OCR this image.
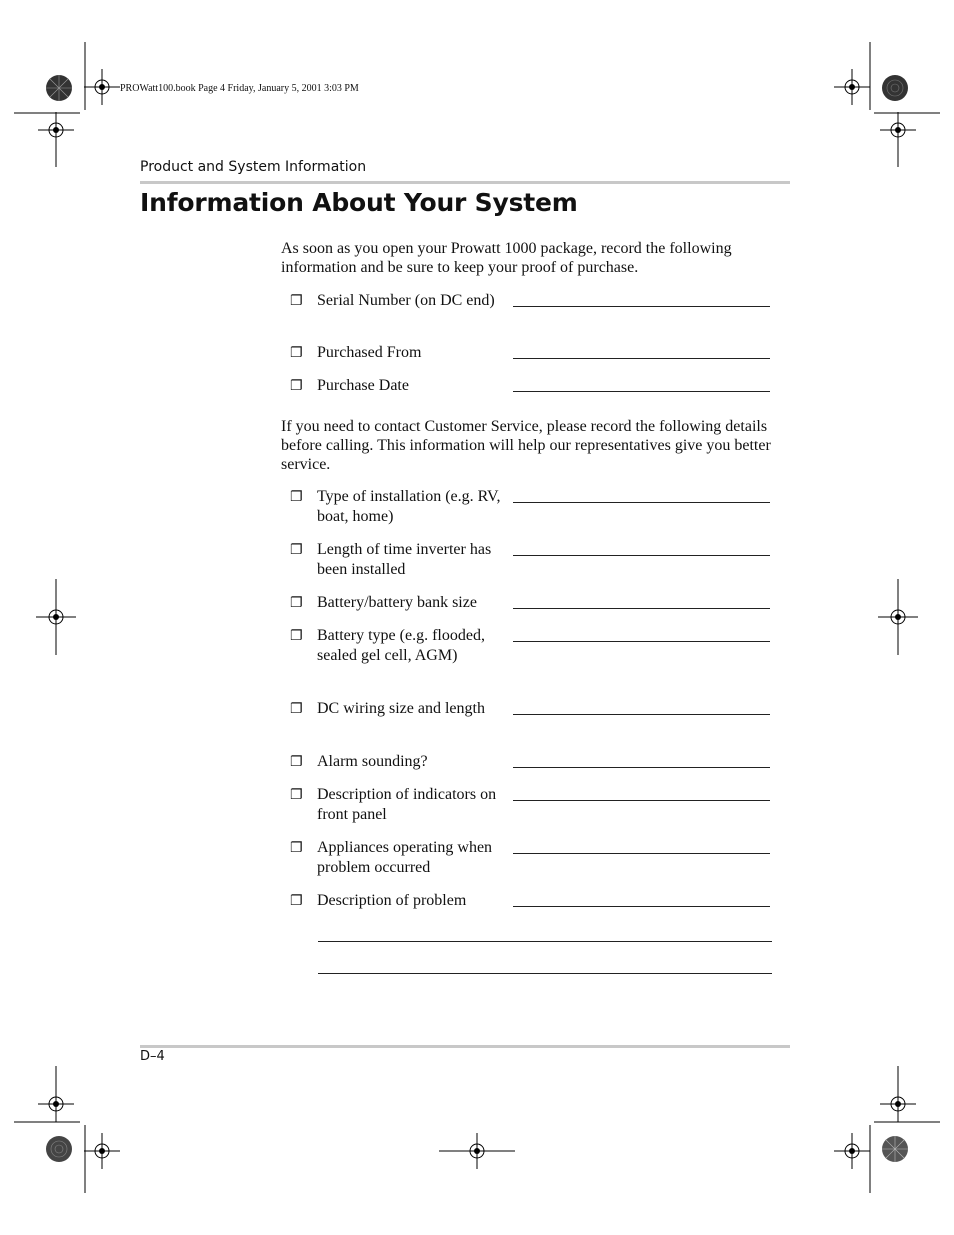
PROWatt100.book Page 4 Friday, January 5, 2001 3:03 PM
Product and System Information
Information About Your System

As soon as you open your Prowatt 1000 package, record the following information and be sure to keep your proof of purchase.

❐ Serial Number (on DC end)
❐ Purchased From
❐ Purchase Date

If you need to contact Customer Service, please record the following details before calling. This information will help our representatives give you better service.

❐ Type of installation (e.g. RV, boat, home)
❐ Length of time inverter has been installed
❐ Battery/battery bank size
❐ Battery type (e.g. flooded, sealed gel cell, AGM)
❐ DC wiring size and length
❐ Alarm sounding?
❐ Description of indicators on front panel
❐ Appliances operating when problem occurred
❐ Description of problem
D–4
